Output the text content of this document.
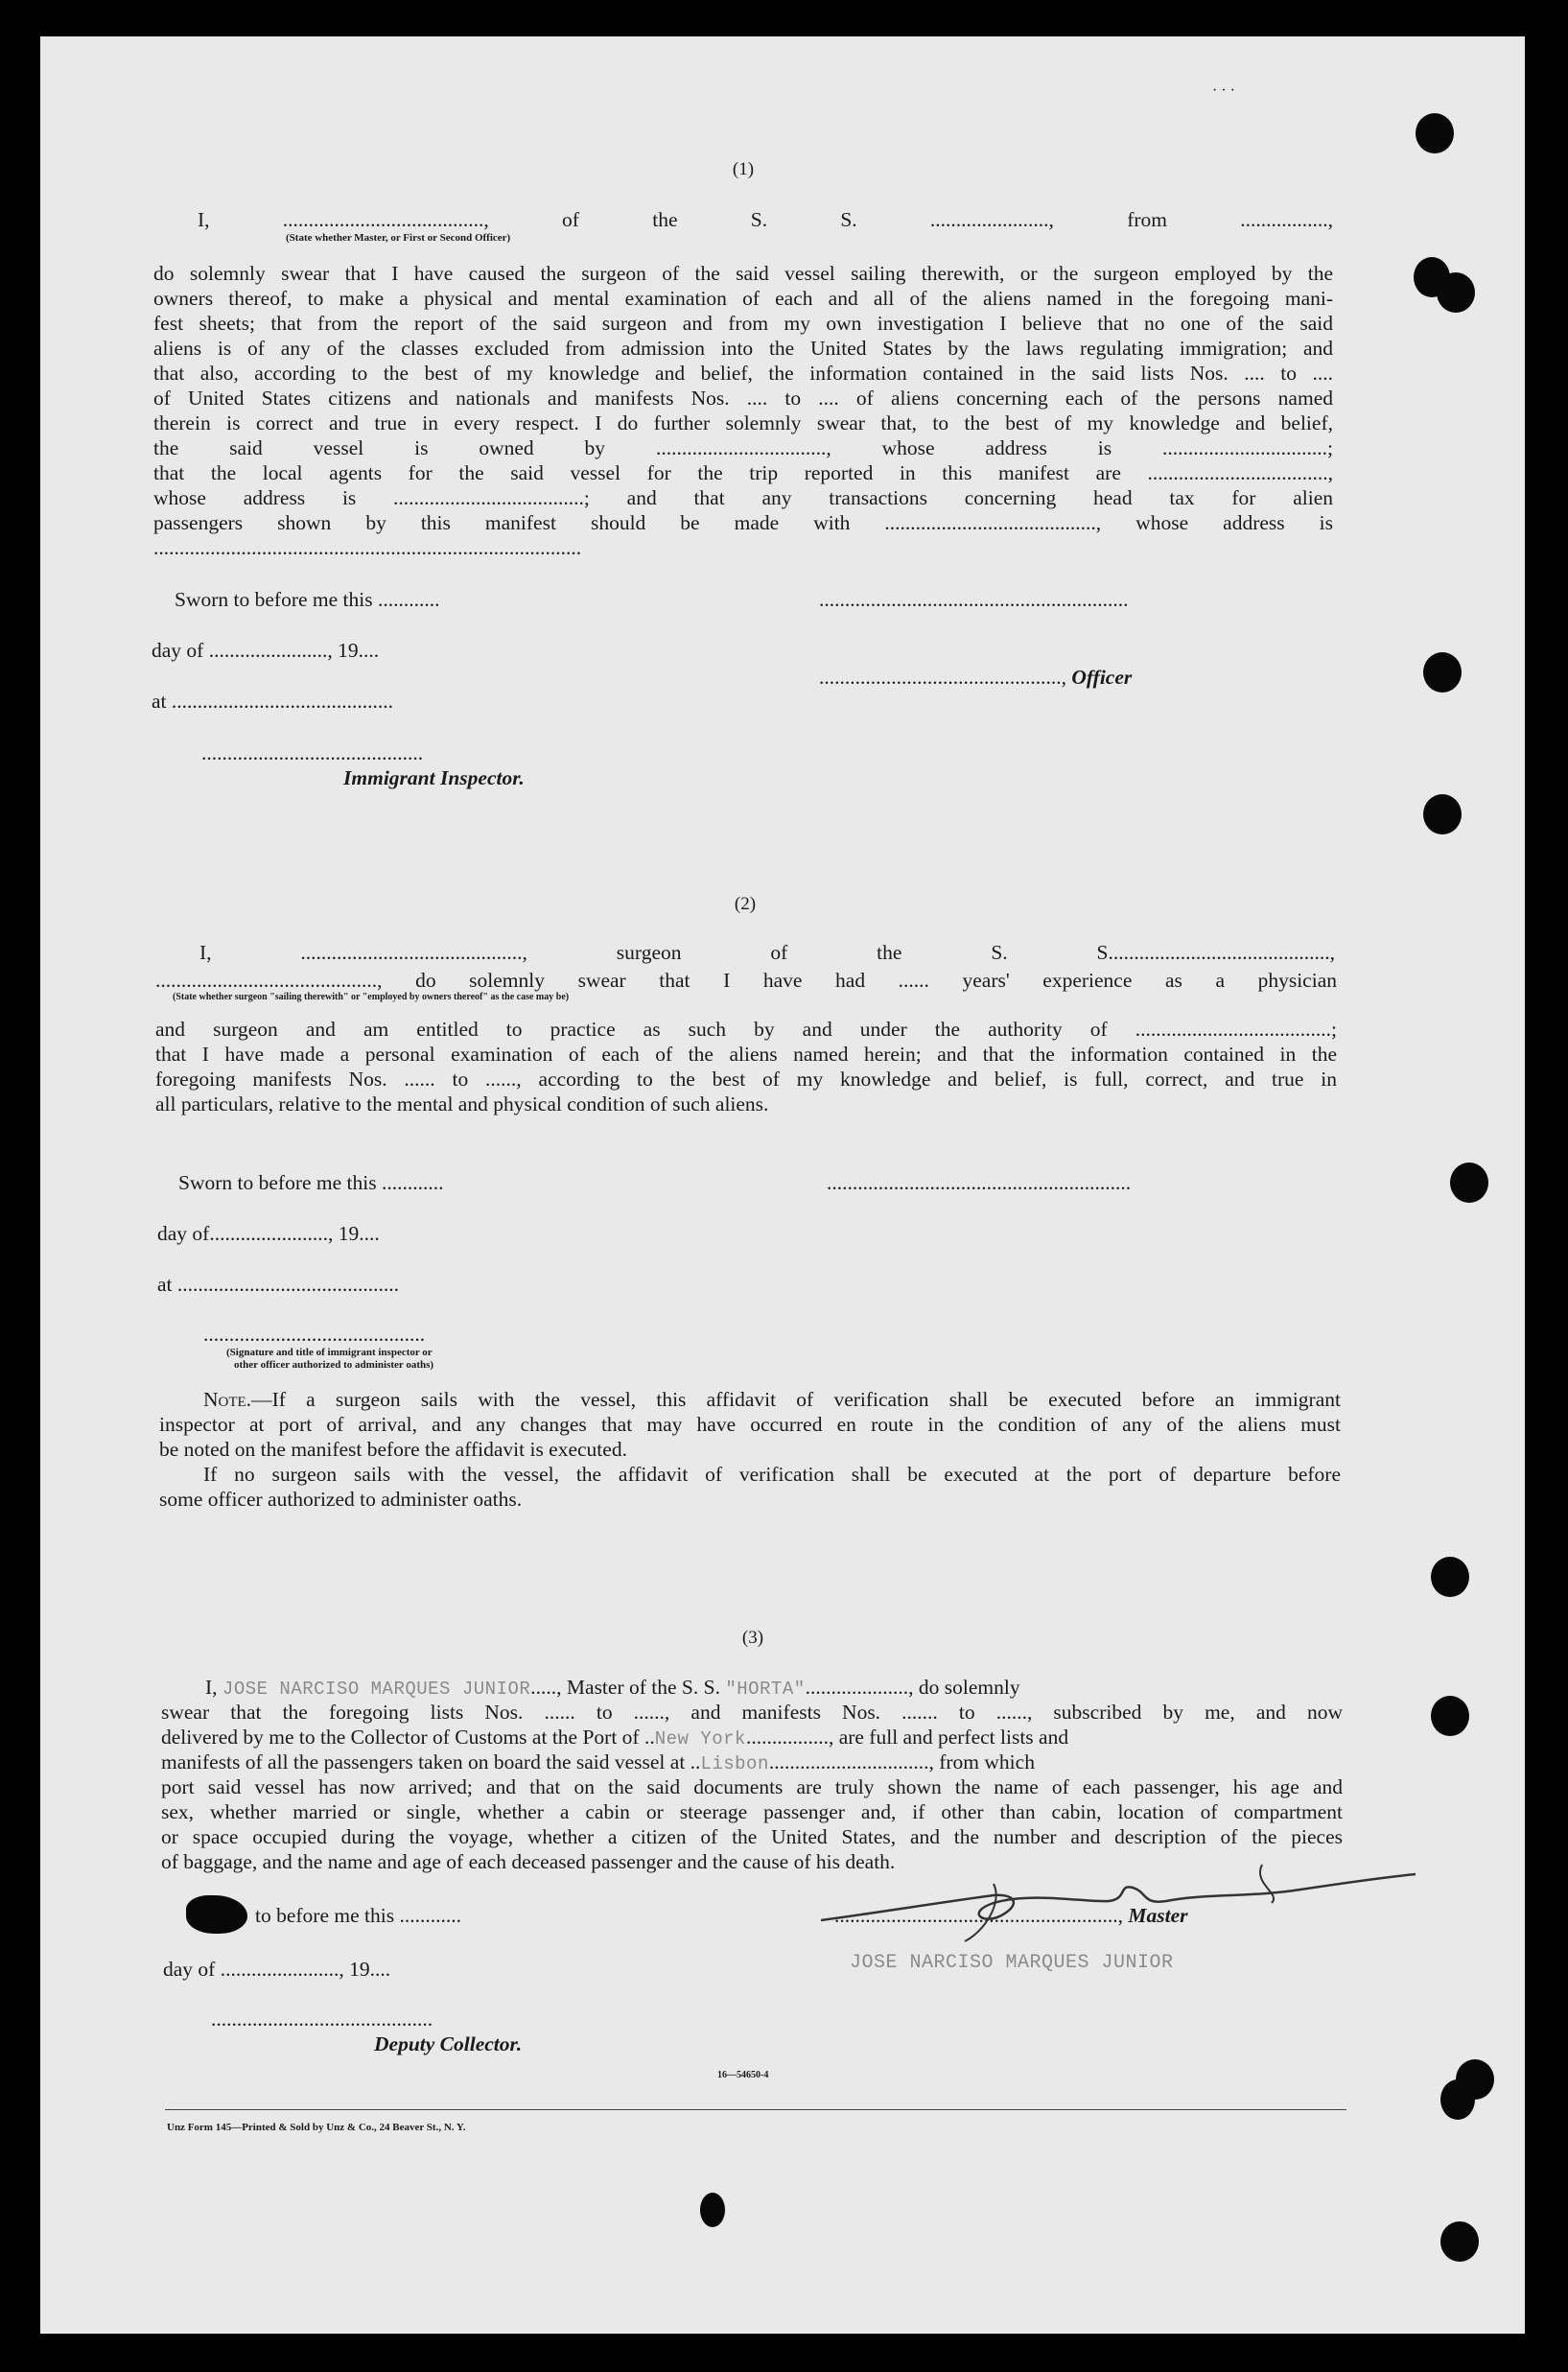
· · ·
(1)
I, ......................................., of the S. S. ......................., from .................,
(State whether Master, or First or Second Officer)
do solemnly swear that I have caused the surgeon of the said vessel sailing therewith, or the surgeon employed by the
owners thereof, to make a physical and mental examination of each and all of the aliens named in the foregoing mani-
fest sheets; that from the report of the said surgeon and from my own investigation I believe that no one of the said
aliens is of any of the classes excluded from admission into the United States by the laws regulating immigration; and
that also, according to the best of my knowledge and belief, the information contained in the said lists Nos. .... to ....
of United States citizens and nationals and manifests Nos. .... to .... of aliens concerning each of the persons named
therein is correct and true in every respect. I do further solemnly swear that, to the best of my knowledge and belief,
the said vessel is owned by ................................., whose address is ................................;
that the local agents for the said vessel for the trip reported in this manifest are ...................................,
whose address is .....................................; and that any transactions concerning head tax for alien
passengers shown by this manifest should be made with ........................................., whose address is
...................................................................................
Sworn to before me this ............	............................................................
day of ......................., 19....
..............................................., Officer
at ...........................................
...........................................
Immigrant Inspector.
(2)
I, ..........................................., surgeon of the S. S...........................................,
..........................................., do solemnly swear that I have had ...... years' experience as a physician
(State whether surgeon "sailing therewith" or "employed by owners thereof" as the case may be)
and surgeon and am entitled to practice as such by and under the authority of ......................................;
that I have made a personal examination of each of the aliens named herein; and that the information contained in the
foregoing manifests Nos. ...... to ......, according to the best of my knowledge and belief, is full, correct, and true in
all particulars, relative to the mental and physical condition of such aliens.
Sworn to before me this ............	...........................................................
day of......................., 19....
at ...........................................
...........................................
(Signature and title of immigrant inspector or
other officer authorized to administer oaths)
Note.—If a surgeon sails with the vessel, this affidavit of verification shall be executed before an immigrant
inspector at port of arrival, and any changes that may have occurred en route in the condition of any of the aliens must
be noted on the manifest before the affidavit is executed.
If no surgeon sails with the vessel, the affidavit of verification shall be executed at the port of departure before
some officer authorized to administer oaths.
(3)
I, JOSE NARCISO MARQUES JUNIOR....., Master of the S. S. "HORTA"...................., do solemnly
swear that the foregoing lists Nos. ...... to ......, and manifests Nos. ....... to ......, subscribed by me, and now
delivered by me to the Collector of Customs at the Port of ..New York................, are full and perfect lists and
manifests of all the passengers taken on board the said vessel at ..Lisbon..............................., from which
port said vessel has now arrived; and that on the said documents are truly shown the name of each passenger, his age and
sex, whether married or single, whether a cabin or steerage passenger and, if other than cabin, location of compartment
or space occupied during the voyage, whether a citizen of the United States, and the number and description of the pieces
of baggage, and the name and age of each deceased passenger and the cause of his death.
to before me this ............	......................................................., Master
JOSE NARCISO MARQUES JUNIOR
day of ......................., 19....
...........................................
Deputy Collector.
16—54650-4
Unz Form 145—Printed & Sold by Unz & Co., 24 Beaver St., N. Y.
